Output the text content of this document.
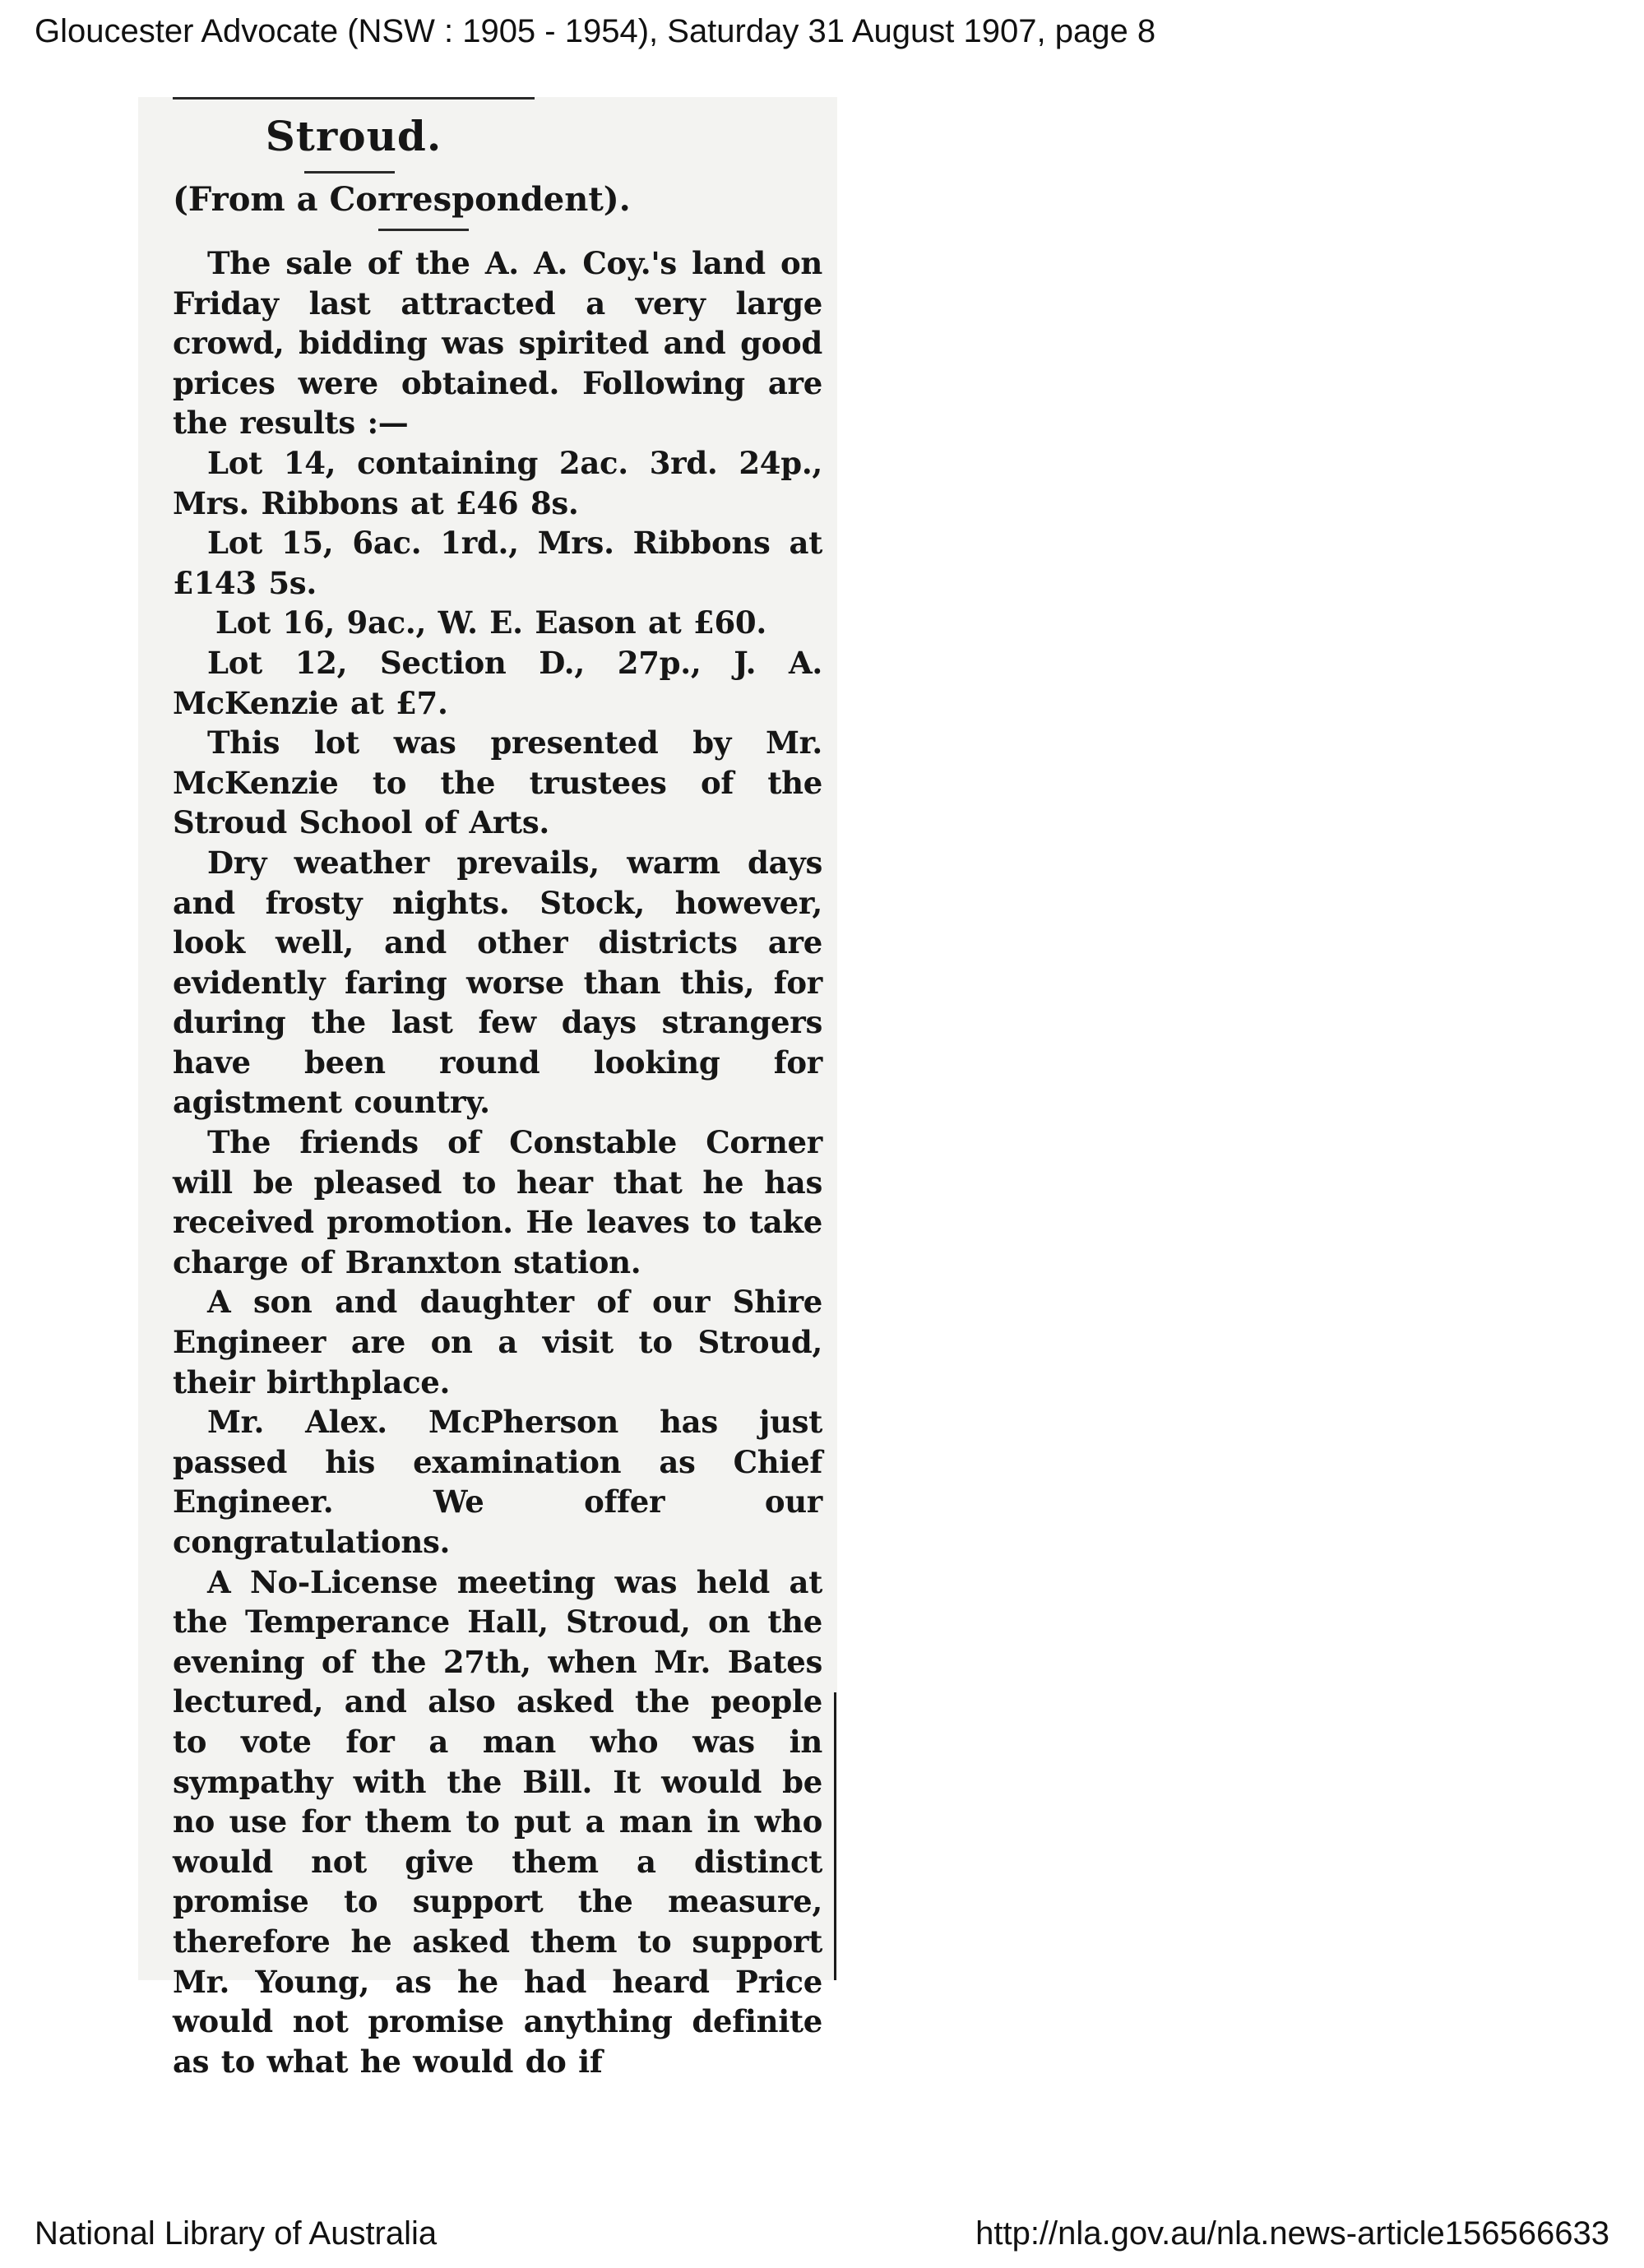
Gloucester Advocate (NSW : 1905 - 1954), Saturday 31 August 1907, page 8
Stroud.
(From a Correspondent).

The sale of the A. A. Coy.'s land on Friday last attracted a very large crowd, bidding was spirited and good prices were obtained. Following are the results :—

Lot 14, containing 2ac. 3rd. 24p., Mrs. Ribbons at £46 8s.

Lot 15, 6ac. 1rd., Mrs. Ribbons at £143 5s.

Lot 16, 9ac., W. E. Eason at £60.

Lot 12, Section D., 27p., J. A. McKenzie at £7.

This lot was presented by Mr. McKenzie to the trustees of the Stroud School of Arts.

Dry weather prevails, warm days and frosty nights. Stock, however, look well, and other districts are evidently faring worse than this, for during the last few days strangers have been round looking for agistment country.

The friends of Constable Corner will be pleased to hear that he has received promotion. He leaves to take charge of Branxton station.

A son and daughter of our Shire Engineer are on a visit to Stroud, their birthplace.

Mr. Alex. McPherson has just passed his examination as Chief Engineer. We offer our congratulations.

A No-License meeting was held at the Temperance Hall, Stroud, on the evening of the 27th, when Mr. Bates lectured, and also asked the people to vote for a man who was in sympathy with the Bill. It would be no use for them to put a man in who would not give them a distinct promise to support the measure, therefore he asked them to support Mr. Young, as he had heard Price would not promise anything definite as to what he would do if

National Library of Australia	http://nla.gov.au/nla.news-article156566633
